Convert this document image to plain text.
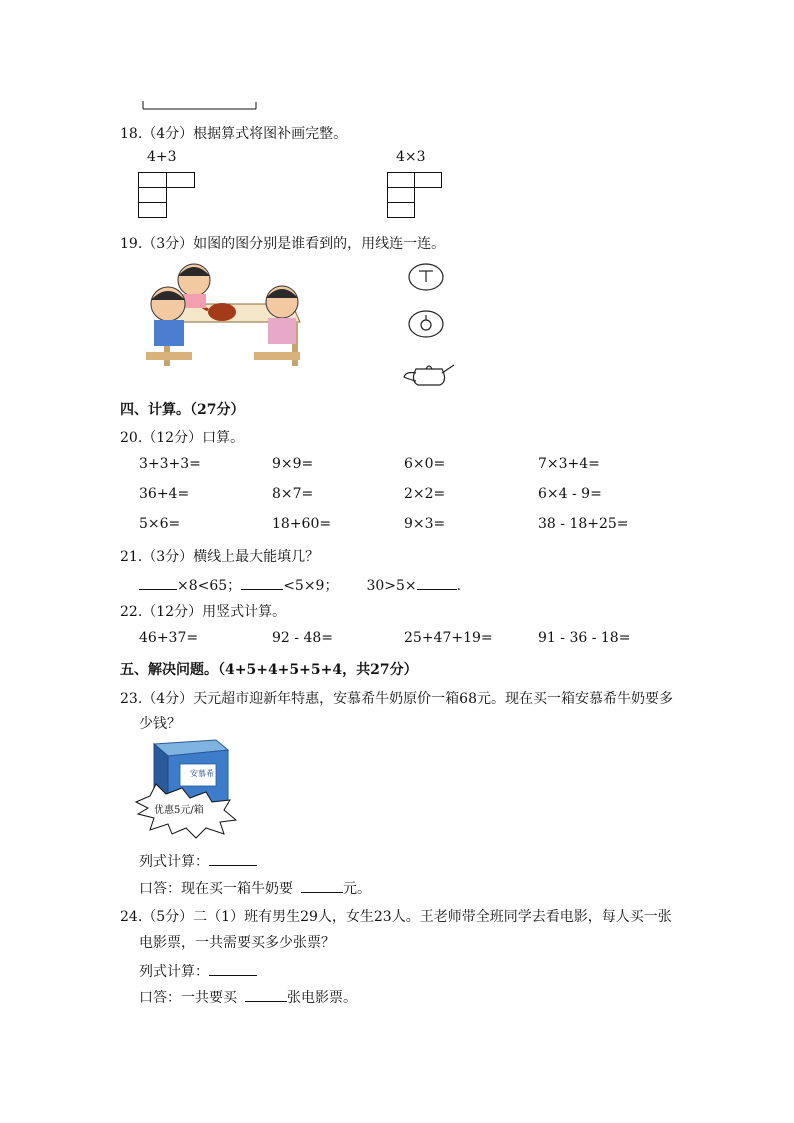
18.（4分）根据算式将图补画完整。
4+3	4×3
19.（3分）如图的图分别是谁看到的，用线连一连。
四、计算。（27分）
20.（12分）口算。
3+3+3=	9×9=	6×0=	7×3+4=
36+4=	8×7=	2×2=	6×4 - 9=
5×6=	18+60=	9×3=	38 - 18+25=
21.（3分）横线上最大能填几？
×8<65；	<5×9； 30>5×	.
22.（12分）用竖式计算。
46+37=	92 - 48=	25+47+19=	91 - 36 - 18=
五、解决问题。（4+5+4+5+5+4，共27分）
23.（4分）天元超市迎新年特惠，安慕希牛奶原价一箱68元。现在买一箱安慕希牛奶要多
少钱？
安慕希
优惠5元/箱
列式计算：
口答：现在买一箱牛奶要	元。
24.（5分）二（1）班有男生29人，女生23人。王老师带全班同学去看电影，每人买一张
电影票，一共需要买多少张票？
列式计算：
口答：一共要买	张电影票。
